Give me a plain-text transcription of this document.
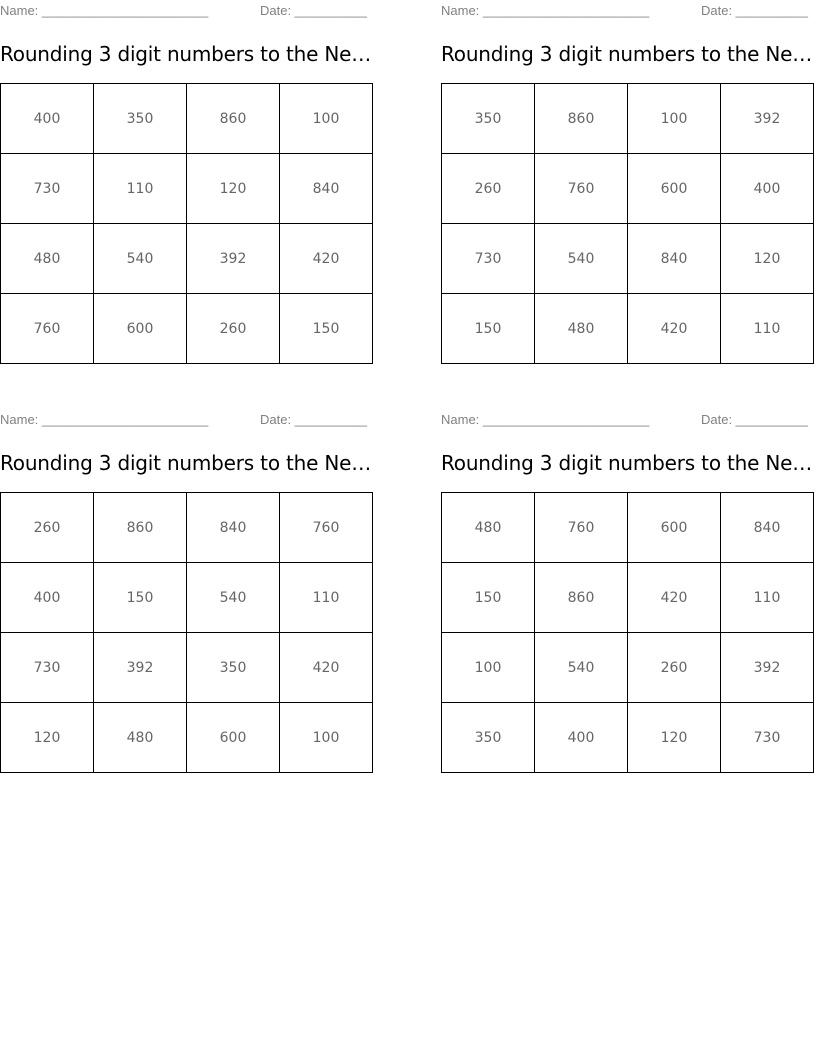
Name: _______________________	Date: __________
Rounding 3 digit numbers to the Ne…
400	350	860	100
730	110	120	840
480	540	392	420
760	600	260	150
Name: _______________________	Date: __________
Rounding 3 digit numbers to the Ne…
350	860	100	392
260	760	600	400
730	540	840	120
150	480	420	110
Name: _______________________	Date: __________
Rounding 3 digit numbers to the Ne…
260	860	840	760
400	150	540	110
730	392	350	420
120	480	600	100
Name: _______________________	Date: __________
Rounding 3 digit numbers to the Ne…
480	760	600	840
150	860	420	110
100	540	260	392
350	400	120	730
